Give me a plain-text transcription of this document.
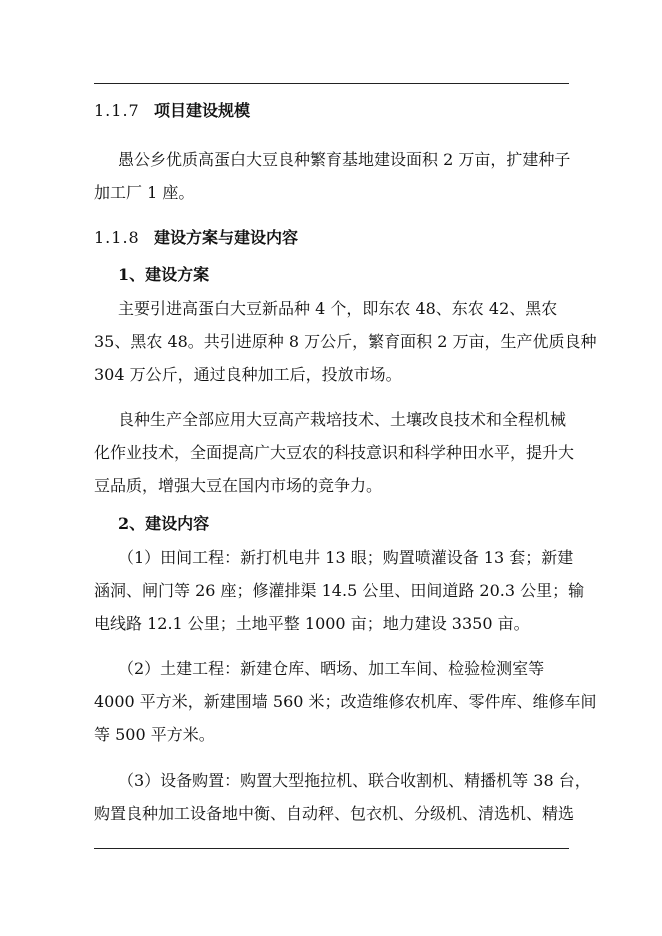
1.1.7 项目建设规模
愚公乡优质高蛋白大豆良种繁育基地建设面积 2 万亩，扩建种子
加工厂 1 座。
1.1.8 建设方案与建设内容
1、建设方案
主要引进高蛋白大豆新品种 4 个，即东农 48、东农 42、黑农
35、黑农 48。共引进原种 8 万公斤，繁育面积 2 万亩，生产优质良种
304 万公斤，通过良种加工后，投放市场。
良种生产全部应用大豆高产栽培技术、土壤改良技术和全程机械
化作业技术，全面提高广大豆农的科技意识和科学种田水平，提升大
豆品质，增强大豆在国内市场的竞争力。
2、建设内容
（1）田间工程：新打机电井 13 眼；购置喷灌设备 13 套；新建
涵洞、闸门等 26 座；修灌排渠 14.5 公里、田间道路 20.3 公里；输
电线路 12.1 公里；土地平整 1000 亩；地力建设 3350 亩。
（2）土建工程：新建仓库、晒场、加工车间、检验检测室等
4000 平方米，新建围墙 560 米；改造维修农机库、零件库、维修车间
等 500 平方米。
（3）设备购置：购置大型拖拉机、联合收割机、精播机等 38 台，
购置良种加工设备地中衡、自动秤、包衣机、分级机、清选机、精选
